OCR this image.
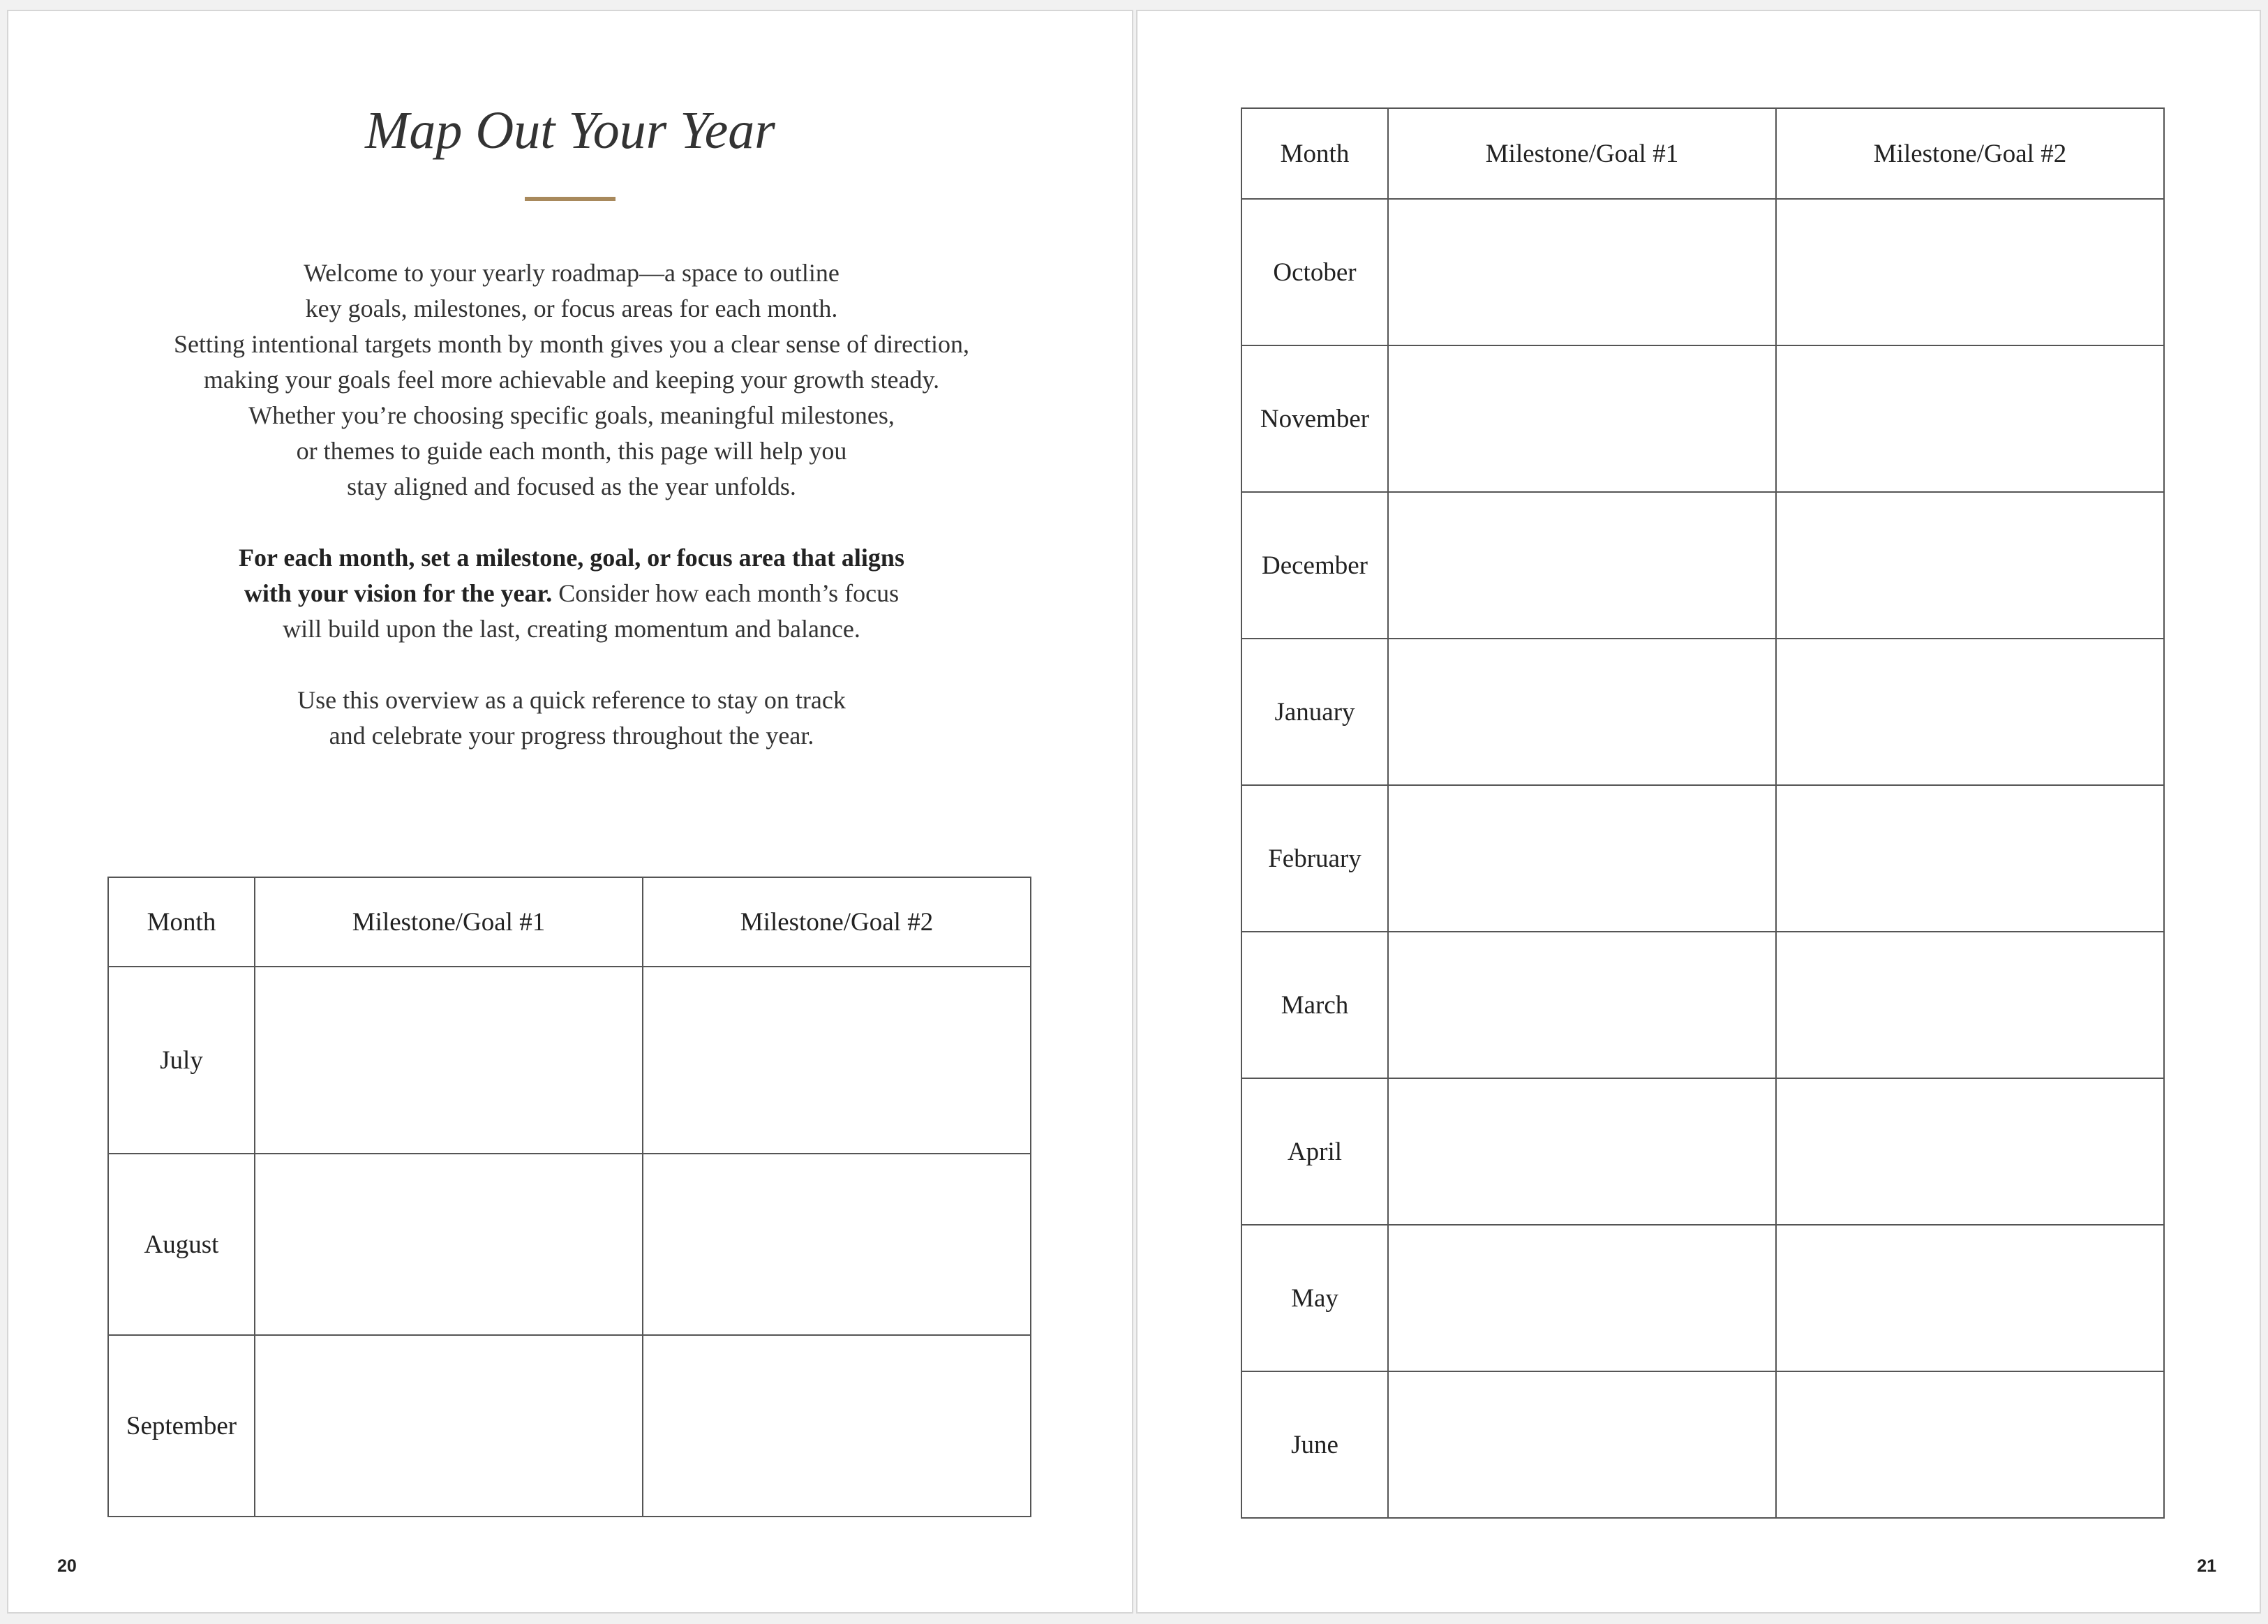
Map Out Your Year

Welcome to your yearly roadmap—a space to outline
key goals, milestones, or focus areas for each month.
Setting intentional targets month by month gives you a clear sense of direction,
making your goals feel more achievable and keeping your growth steady.
Whether you’re choosing specific goals, meaningful milestones,
or themes to guide each month, this page will help you
stay aligned and focused as the year unfolds.

For each month, set a milestone, goal, or focus area that aligns
with your vision for the year. Consider how each month’s focus
will build upon the last, creating momentum and balance.

Use this overview as a quick reference to stay on track
and celebrate your progress throughout the year.

Month	Milestone/Goal #1	Milestone/Goal #2
July		
August		
September		
20
Month	Milestone/Goal #1	Milestone/Goal #2
October		
November		
December		
January		
February		
March		
April		
May		
June		
21
